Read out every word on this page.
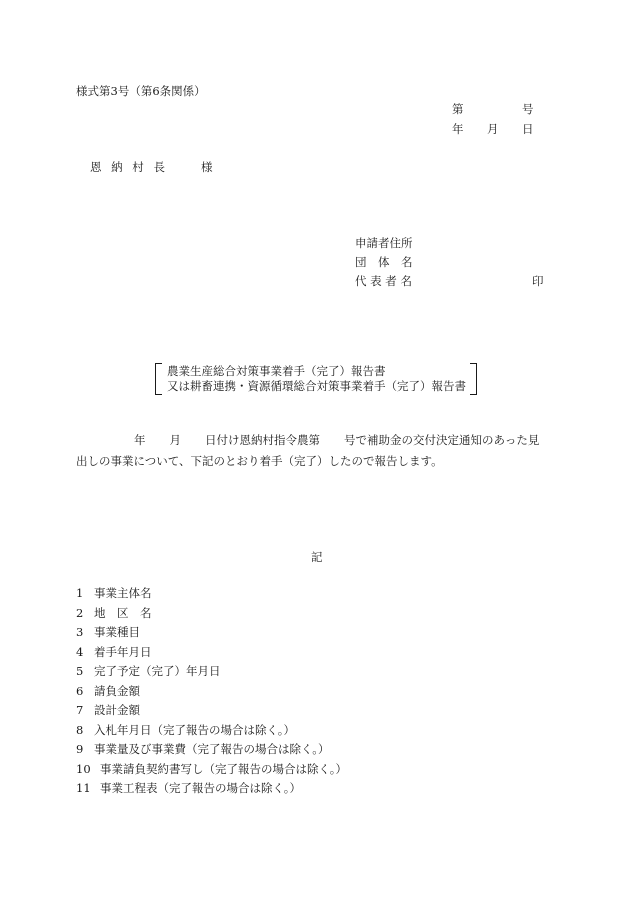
様式第3号（第6条関係）
第	号
年 月 日
恩 納 村 長	様
申請者住所
団　体　名
代 表 者 名	印
農業生産総合対策事業着手（完了）報告書
又は耕畜連携・資源循環総合対策事業着手（完了）報告書
年 月 日付け恩納村指令農第 号で補助金の交付決定通知のあった見
出しの事業について、下記のとおり着手（完了）したので報告します。
記
1 事業主体名
2 地　区　名
3 事業種目
4 着手年月日
5 完了予定（完了）年月日
6 請負金額
7 設計金額
8 入札年月日（完了報告の場合は除く。）
9 事業量及び事業費（完了報告の場合は除く。）
10 事業請負契約書写し（完了報告の場合は除く。）
11 事業工程表（完了報告の場合は除く。）
